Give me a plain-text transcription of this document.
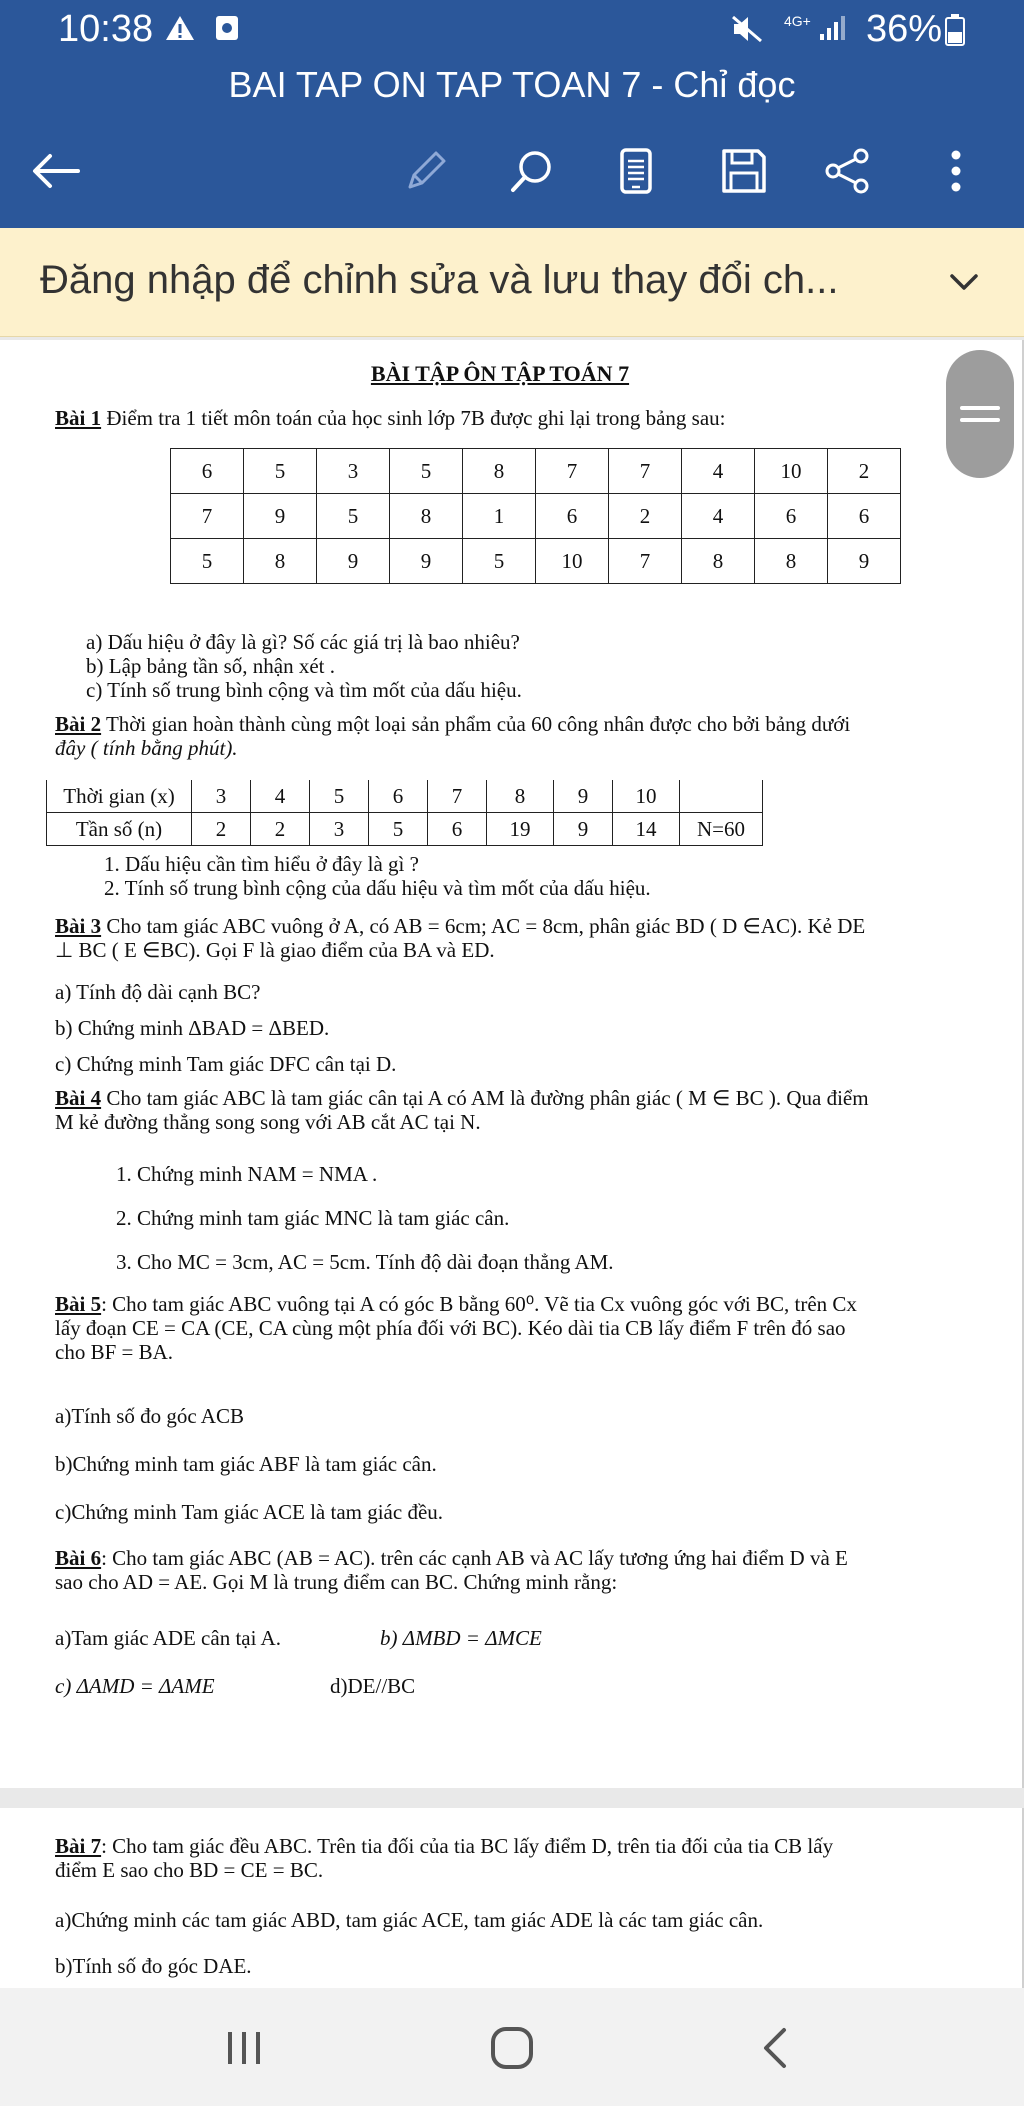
10:38	4G+ 36%
BAI TAP ON TAP TOAN 7 - Chỉ đọc
Đăng nhập để chỉnh sửa và lưu thay đổi ch...
BÀI TẬP ÔN TẬP TOÁN 7

Bài 1 Điểm tra 1 tiết môn toán của học sinh lớp 7B được ghi lại trong bảng sau:

6	5	3	5	8	7	7	4	10	2
7	9	5	8	1	6	2	4	6	6
5	8	9	9	5	10	7	8	8	9

a) Dấu hiệu ở đây là gì? Số các giá trị là bao nhiêu?

b) Lập bảng tần số, nhận xét .

c) Tính số trung bình cộng và tìm mốt của dấu hiệu.

Bài 2 Thời gian hoàn thành cùng một loại sản phẩm của 60 công nhân được cho bởi bảng dưới

đây ( tính bằng phút).

Thời gian (x)	3	4	5	6	7	8	9	10	
Tần số (n)	2	2	3	5	6	19	9	14	N=60

1. Dấu hiệu cần tìm hiểu ở đây là gì ?

2. Tính số trung bình cộng của dấu hiệu và tìm mốt của dấu hiệu.

Bài 3 Cho tam giác ABC vuông ở A, có AB = 6cm; AC = 8cm, phân giác BD ( D ∈AC). Kẻ DE

⊥ BC ( E ∈BC). Gọi F là giao điểm của BA và ED.

a) Tính độ dài cạnh BC?

b) Chứng minh ΔBAD = ΔBED.

c) Chứng minh Tam giác DFC cân tại D.

Bài 4 Cho tam giác ABC là tam giác cân tại A có AM là đường phân giác ( M ∈ BC ). Qua điểm

M kẻ đường thẳng song song với AB cắt AC tại N.

1. Chứng minh NAM = NMA .

2. Chứng minh tam giác MNC là tam giác cân.

3. Cho MC = 3cm, AC = 5cm. Tính độ dài đoạn thẳng AM.

Bài 5: Cho tam giác ABC vuông tại A có góc B bằng 60⁰. Vẽ tia Cx vuông góc với BC, trên Cx

lấy đoạn CE = CA (CE, CA cùng một phía đối với BC). Kéo dài tia CB lấy điểm F trên đó sao

cho BF = BA.

a)Tính số đo góc ACB

b)Chứng minh tam giác ABF là tam giác cân.

c)Chứng minh Tam giác ACE là tam giác đều.

Bài 6: Cho tam giác ABC (AB = AC). trên các cạnh AB và AC lấy tương ứng hai điểm D và E

sao cho AD = AE. Gọi M là trung điểm can BC. Chứng minh rằng:

a)Tam giác ADE cân tại A.	b) ΔMBD = ΔMCE

c) ΔAMD = ΔAME	d)DE//BC

Bài 7: Cho tam giác đều ABC. Trên tia đối của tia BC lấy điểm D, trên tia đối của tia CB lấy

điểm E sao cho BD = CE = BC.

a)Chứng minh các tam giác ABD, tam giác ACE, tam giác ADE là các tam giác cân.

b)Tính số đo góc DAE.
